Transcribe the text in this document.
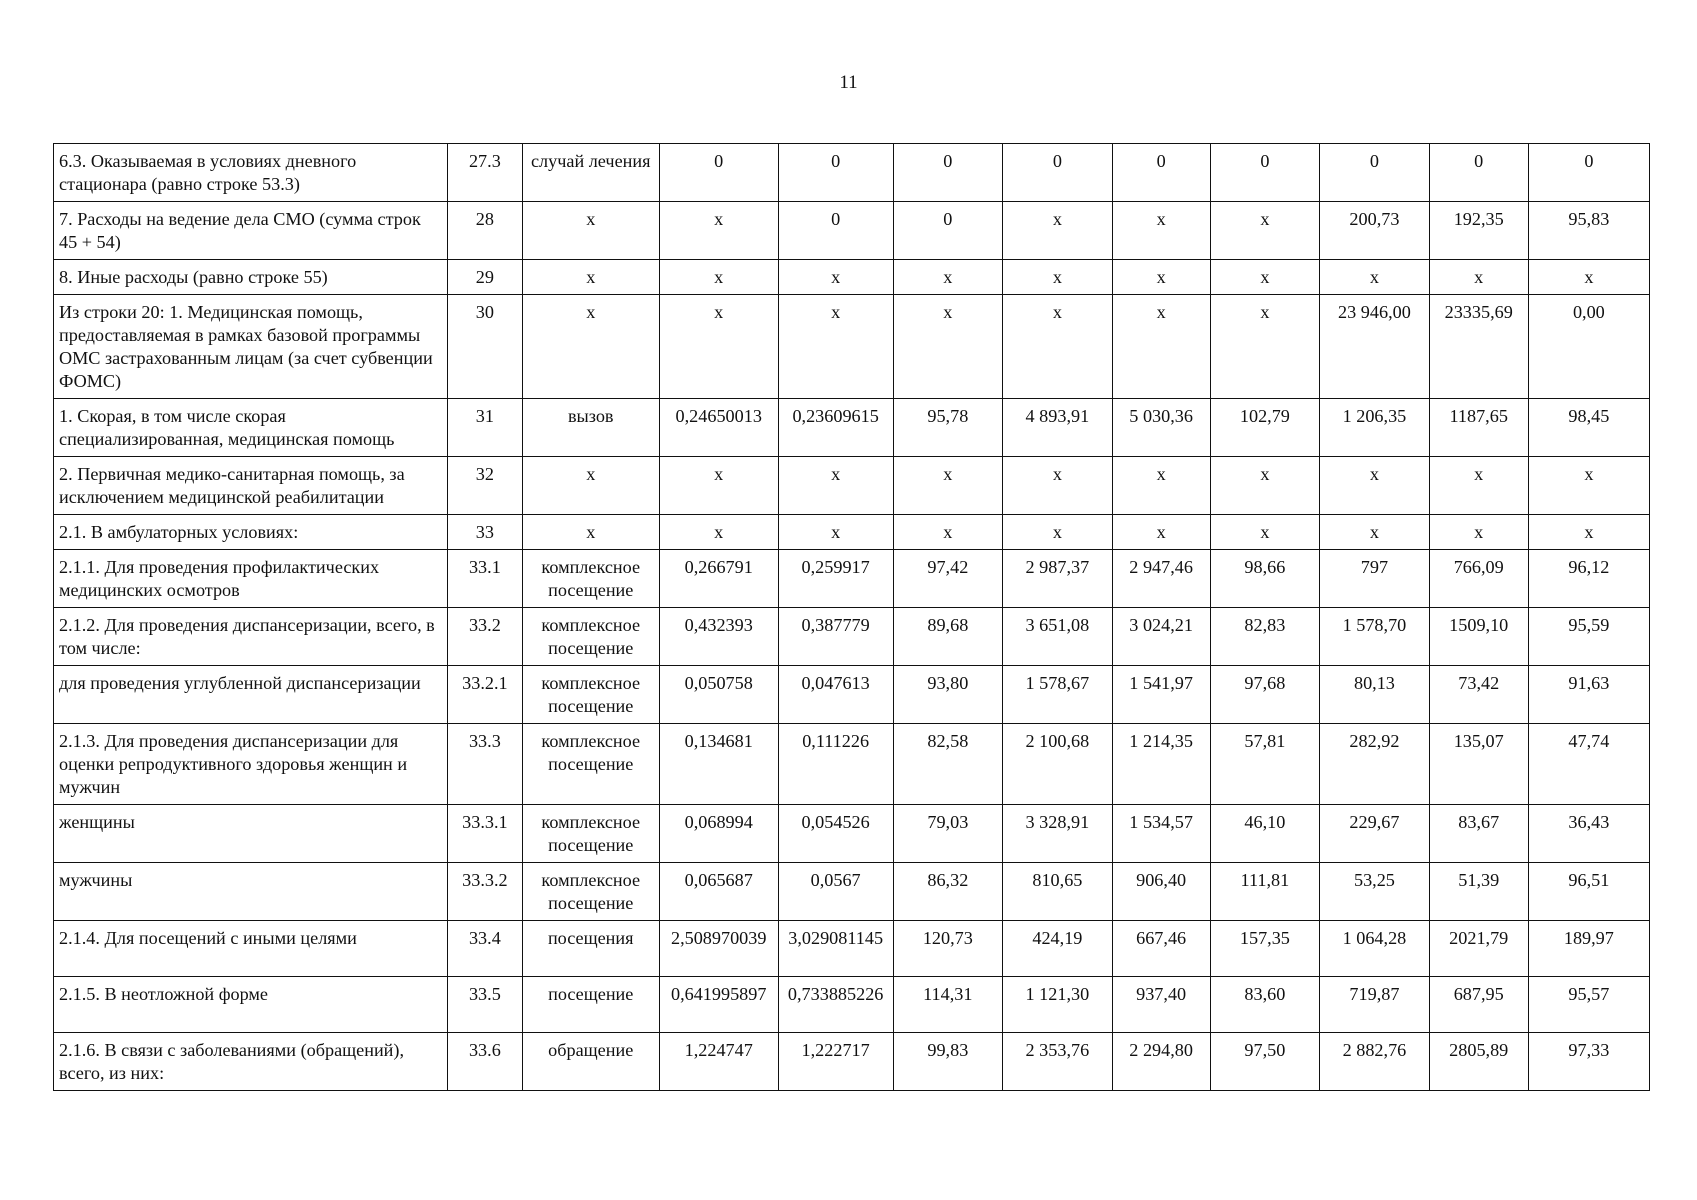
11
6.3. Оказываемая в условиях дневного стационара (равно строке 53.3)	27.3	случай лечения	0	0	0	0	0	0	0	0	0
7. Расходы на ведение дела СМО (сумма строк 45 + 54)	28	х	х	0	0	х	х	х	200,73	192,35	95,83
8. Иные расходы (равно строке 55)	29	х	х	х	х	х	х	х	х	х	х
Из строки 20: 1. Медицинская помощь, предоставляемая в рамках базовой программы ОМС застрахованным лицам (за счет субвенции ФОМС)	30	х	х	х	х	х	х	х	23 946,00	23335,69	0,00
1. Скорая, в том числе скорая специализированная, медицинская помощь	31	вызов	0,24650013	0,23609615	95,78	4 893,91	5 030,36	102,79	1 206,35	1187,65	98,45
2. Первичная медико-санитарная помощь, за исключением медицинской реабилитации	32	х	х	х	х	х	х	х	х	х	х
2.1. В амбулаторных условиях:	33	х	х	х	х	х	х	х	х	х	х
2.1.1. Для проведения профилактических медицинских осмотров	33.1	комплексное посещение	0,266791	0,259917	97,42	2 987,37	2 947,46	98,66	797	766,09	96,12
2.1.2. Для проведения диспансеризации, всего, в том числе:	33.2	комплексное посещение	0,432393	0,387779	89,68	3 651,08	3 024,21	82,83	1 578,70	1509,10	95,59
для проведения углубленной диспансеризации	33.2.1	комплексное посещение	0,050758	0,047613	93,80	1 578,67	1 541,97	97,68	80,13	73,42	91,63
2.1.3. Для проведения диспансеризации для оценки репродуктивного здоровья женщин и мужчин	33.3	комплексное посещение	0,134681	0,111226	82,58	2 100,68	1 214,35	57,81	282,92	135,07	47,74
женщины	33.3.1	комплексное посещение	0,068994	0,054526	79,03	3 328,91	1 534,57	46,10	229,67	83,67	36,43
мужчины	33.3.2	комплексное посещение	0,065687	0,0567	86,32	810,65	906,40	111,81	53,25	51,39	96,51
2.1.4. Для посещений с иными целями	33.4	посещения	2,508970039	3,029081145	120,73	424,19	667,46	157,35	1 064,28	2021,79	189,97
2.1.5. В неотложной форме	33.5	посещение	0,641995897	0,733885226	114,31	1 121,30	937,40	83,60	719,87	687,95	95,57
2.1.6. В связи с заболеваниями (обращений), всего, из них:	33.6	обращение	1,224747	1,222717	99,83	2 353,76	2 294,80	97,50	2 882,76	2805,89	97,33
